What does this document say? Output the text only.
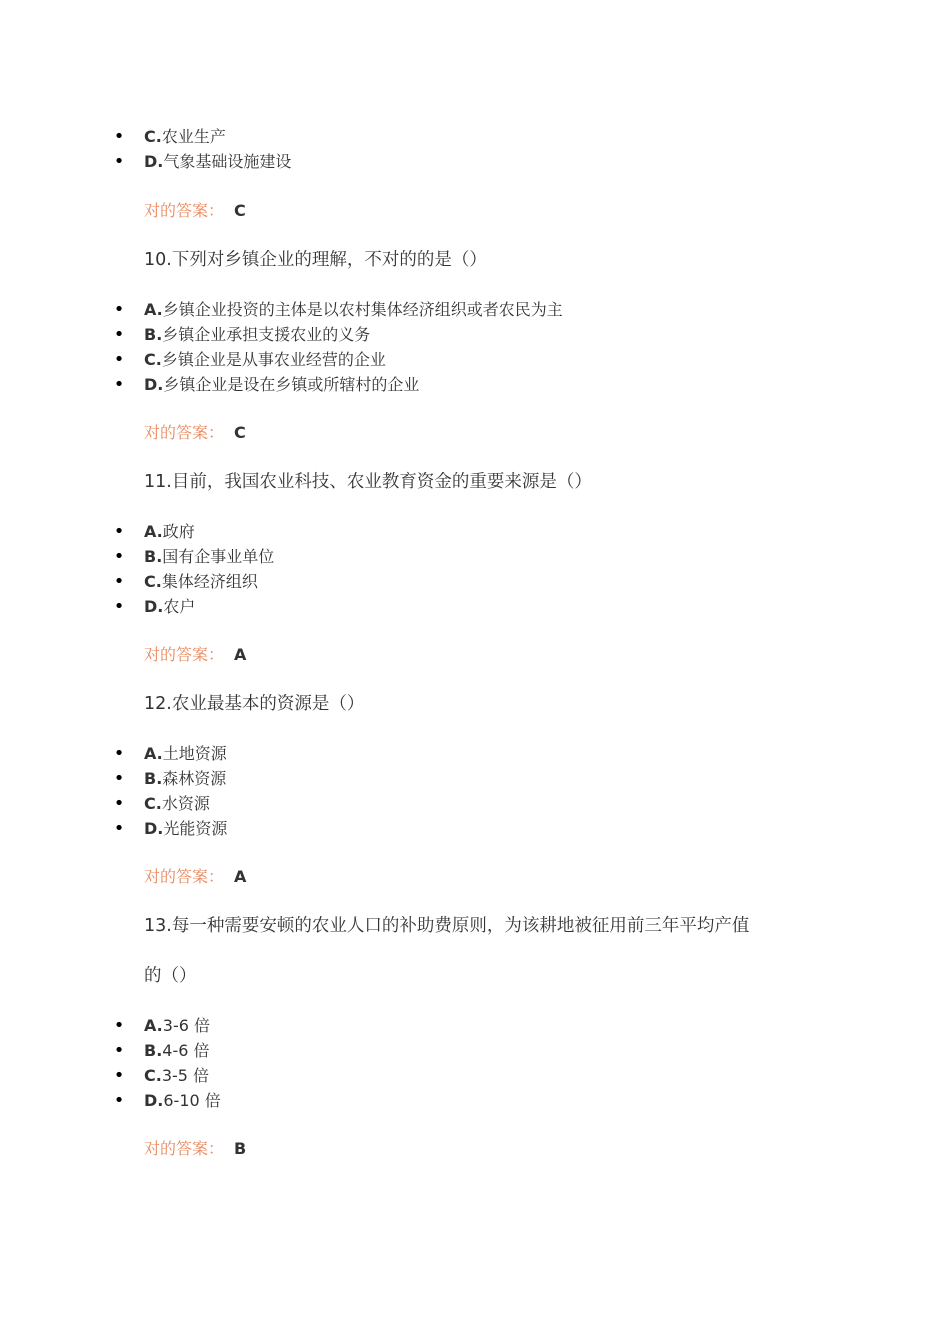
• C.农业生产
• D.气象基础设施建设
对的答案： C
10.下列对乡镇企业的理解，不对的的是（）
• A.乡镇企业投资的主体是以农村集体经济组织或者农民为主
• B.乡镇企业承担支援农业的义务
• C.乡镇企业是从事农业经营的企业
• D.乡镇企业是设在乡镇或所辖村的企业
对的答案： C
11.目前，我国农业科技、农业教育资金的重要来源是（）
• A.政府
• B.国有企事业单位
• C.集体经济组织
• D.农户
对的答案： A
12.农业最基本的资源是（）
• A.土地资源
• B.森林资源
• C.水资源
• D.光能资源
对的答案： A
13.每一种需要安顿的农业人口的补助费原则，为该耕地被征用前三年平均产值
的（）
• A.3-6 倍
• B.4-6 倍
• C.3-5 倍
• D.6-10 倍
对的答案： B
